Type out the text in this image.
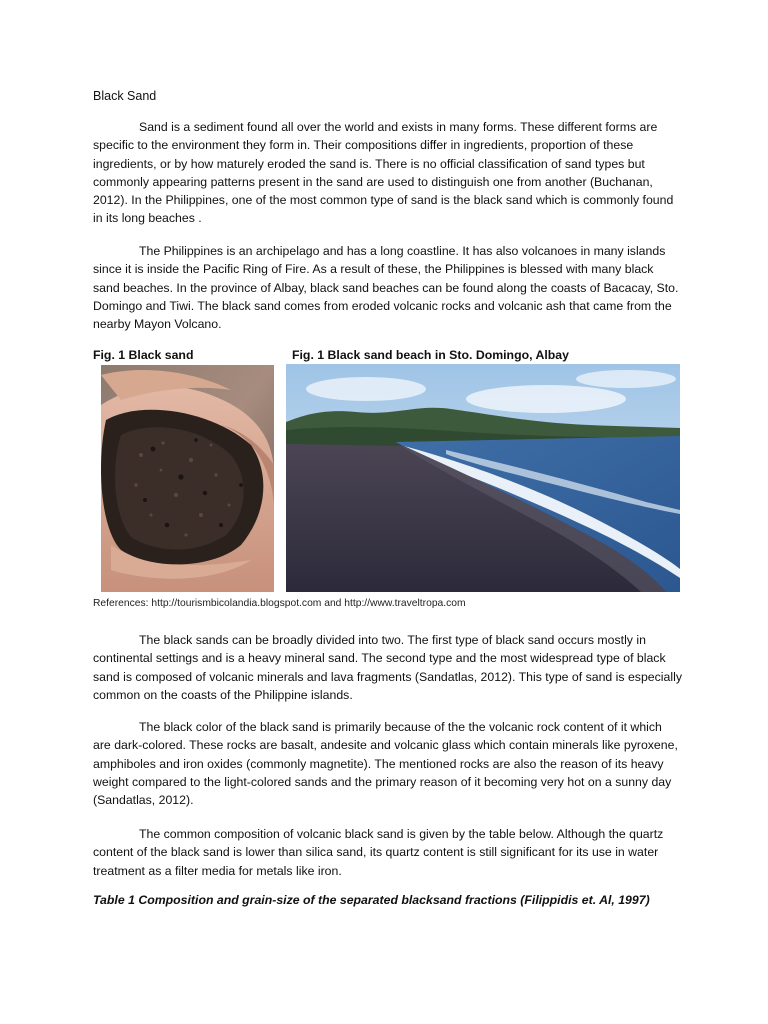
Black Sand

Sand is a sediment found all over the world and exists in many forms. These different forms are specific to the environment they form in. Their compositions differ in ingredients, proportion of these ingredients, or by how maturely eroded the sand is. There is no official classification of sand types but commonly appearing patterns present in the sand are used to distinguish one from another (Buchanan, 2012). In the Philippines, one of the most common type of sand is the black sand which is commonly found in its long beaches .

The Philippines is an archipelago and has a long coastline. It has also volcanoes in many islands since it is inside the Pacific Ring of Fire. As a result of these, the Philippines is blessed with many black sand beaches. In the province of Albay, black sand beaches can be found along the coasts of Bacacay, Sto. Domingo and Tiwi. The black sand comes from eroded volcanic rocks and volcanic ash that came from the nearby Mayon Volcano.

Fig. 1 Black sand	Fig. 1 Black sand beach in Sto. Domingo, Albay
References: http://tourismbicolandia.blogspot.com and http://www.traveltropa.com

The black sands can be broadly divided into two. The first type of black sand occurs mostly in continental settings and is a heavy mineral sand. The second type and the most widespread type of black sand is composed of volcanic minerals and lava fragments (Sandatlas, 2012). This type of sand is especially common on the coasts of the Philippine islands.

The black color of the black sand is primarily because of the the volcanic rock content of it which are dark-colored. These rocks are basalt, andesite and volcanic glass which contain minerals like pyroxene, amphiboles and iron oxides (commonly magnetite). The mentioned rocks are also the reason of its heavy weight compared to the light-colored sands and the primary reason of it becoming very hot on a sunny day (Sandatlas, 2012).

The common composition of volcanic black sand is given by the table below. Although the quartz content of the black sand is lower than silica sand, its quartz content is still significant for its use in water treatment as a filter media for metals like iron.

Table 1 Composition and grain-size of the separated blacksand fractions (Filippidis et. Al, 1997)
